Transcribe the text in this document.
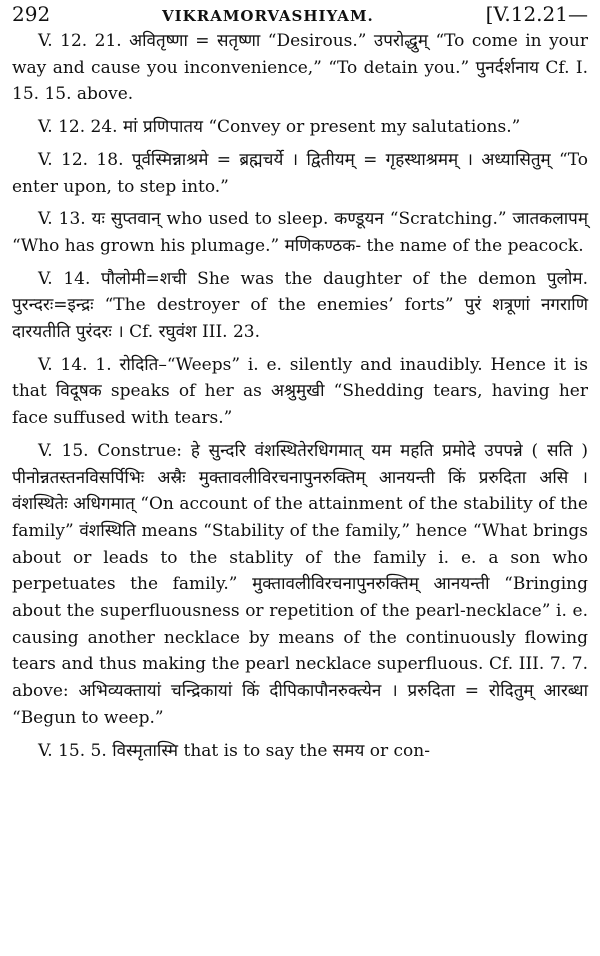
292	VIKRAMORVASHIYAM.	[V.12.21—

V. 12. 21. अवितृष्णा = सतृष्णा “Desirous.” उपरोद्धुम् “To come in your way and cause you inconvenience,” “To detain you.” पुनर्दर्शनाय Cf. I. 15. 15. above.

V. 12. 24. मां प्रणिपातय “Convey or present my salutations.”

V. 12. 18. पूर्वस्मिन्नाश्रमे = ब्रह्मचर्ये । द्वितीयम् = गृहस्थाश्रमम् । अध्यासितुम् “To enter upon, to step into.”

V. 13. यः सुप्तवान् who used to sleep. कण्डूयन “Scratching.” जातकलापम् “Who has grown his plumage.” मणिकण्ठक- the name of the peacock.

V. 14. पौलोमी=शची She was the daughter of the demon पुलोम. पुरन्दरः=इन्द्रः “The destroyer of the enemies’ forts” पुरं शत्रूणां नगराणि दारयतीति पुरंदरः । Cf. रघुवंश III. 23.

V. 14. 1. रोदिति–“Weeps” i. e. silently and inaudibly. Hence it is that विदूषक speaks of her as अश्रुमुखी “Shedding tears, having her face suffused with tears.”

V. 15. Construe: हे सुन्दरि वंशस्थितेरधिगमात् यम महति प्रमोदे उपपन्ने ( सति ) पीनोन्नतस्तनविसर्पिभिः अस्रैः मुक्तावलीविरचनापुनरुक्तिम् आनयन्ती किं प्ररुदिता असि । वंशस्थितेः अधिगमात् “On account of the attainment of the stability of the family” वंशस्थिति means “Stability of the family,” hence “What brings about or leads to the stablity of the family i. e. a son who perpetuates the family.” मुक्तावलीविरचनापुनरुक्तिम् आनयन्ती “Bringing about the superfluousness or repetition of the pearl-necklace” i. e. causing another necklace by means of the continuously flowing tears and thus making the pearl necklace superfluous. Cf. III. 7. 7. above: अभिव्यक्तायां चन्द्रिकायां किं दीपिकापौनरुक्त्येन । प्ररुदिता = रोदितुम् आरब्धा “Begun to weep.”

V. 15. 5. विस्मृतास्मि that is to say the समय or con-
